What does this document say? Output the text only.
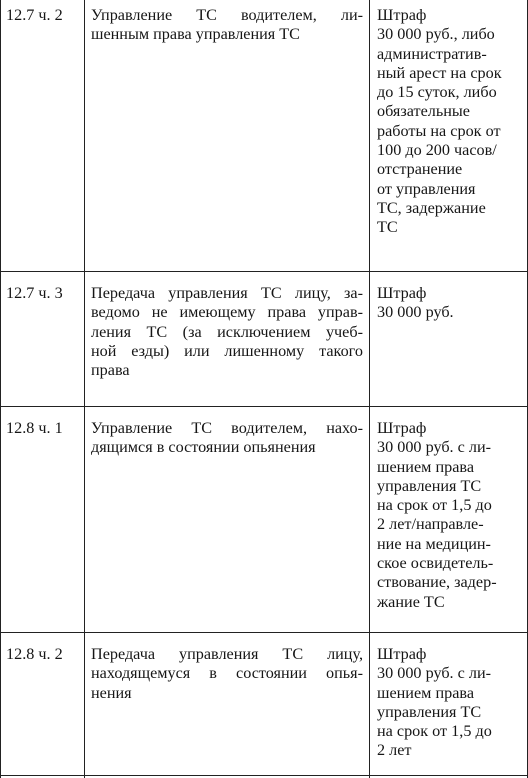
12.7 ч. 2	Управление ТС водителем, ли-
шенным права управления ТС
Штраф
30 000 руб., либо
административ-
ный арест на срок
до 15 суток, либо
обязательные
работы на срок от
100 до 200 часов/
отстранение
от управления
ТС, задержание
ТС
12.7 ч. 3	Передача управления ТС лицу, за-
ведомо не имеющему права управ-
ления ТС (за исключением учеб-
ной езды) или лишенному такого
права
Штраф
30 000 руб.
12.8 ч. 1	Управление ТС водителем, нахо-
дящимся в состоянии опьянения
Штраф
30 000 руб. с ли-
шением права
управления ТС
на срок от 1,5 до
2 лет/направле-
ние на медицин-
ское освидетель-
ствование, задер-
жание ТС
12.8 ч. 2	Передача управления ТС лицу,
находящемуся в состоянии опья-
нения
Штраф
30 000 руб. с ли-
шением права
управления ТС
на срок от 1,5 до
2 лет
